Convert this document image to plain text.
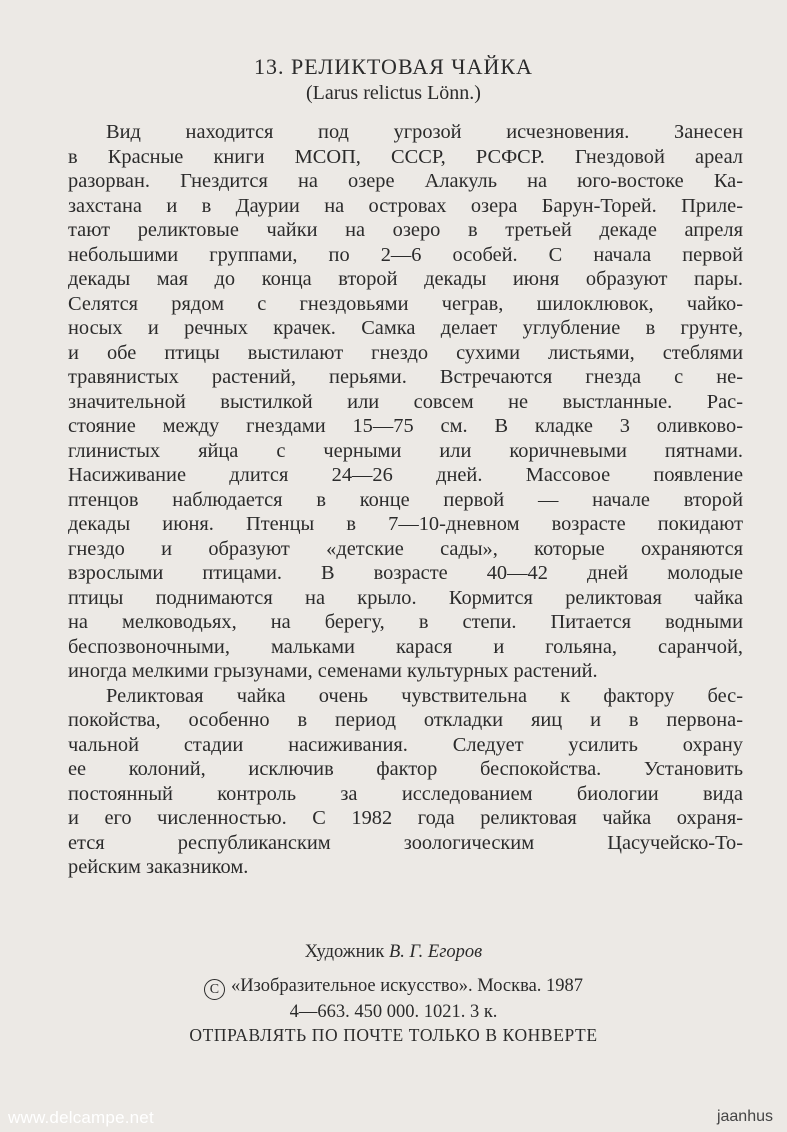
13. РЕЛИКТОВАЯ ЧАЙКА
(Larus relictus Lönn.)
Вид находится под угрозой исчезновения. Занесен
в Красные книги МСОП, СССР, РСФСР. Гнездовой ареал
разорван. Гнездится на озере Алакуль на юго-востоке Ка-
захстана и в Даурии на островах озера Барун-Торей. Приле-
тают реликтовые чайки на озеро в третьей декаде апреля
небольшими группами, по 2—6 особей. С начала первой
декады мая до конца второй декады июня образуют пары.
Селятся рядом с гнездовьями чеграв, шилоклювок, чайко-
носых и речных крачек. Самка делает углубление в грунте,
и обе птицы выстилают гнездо сухими листьями, стеблями
травянистых растений, перьями. Встречаются гнезда с не-
значительной выстилкой или совсем не выстланные. Рас-
стояние между гнездами 15—75 см. В кладке 3 оливково-
глинистых яйца с черными или коричневыми пятнами.
Насиживание длится 24—26 дней. Массовое появление
птенцов наблюдается в конце первой — начале второй
декады июня. Птенцы в 7—10-дневном возрасте покидают
гнездо и образуют «детские сады», которые охраняются
взрослыми птицами. В возрасте 40—42 дней молодые
птицы поднимаются на крыло. Кормится реликтовая чайка
на мелководьях, на берегу, в степи. Питается водными
беспозвоночными, мальками карася и гольяна, саранчой,
иногда мелкими грызунами, семенами культурных растений.
Реликтовая чайка очень чувствительна к фактору бес-
покойства, особенно в период откладки яиц и в первона-
чальной стадии насиживания. Следует усилить охрану
ее колоний, исключив фактор беспокойства. Установить
постоянный контроль за исследованием биологии вида
и его численностью. С 1982 года реликтовая чайка охраня-
ется республиканским зоологическим Цасучейско-То-
рейским заказником.
Художник В. Г. Егоров
C «Изобразительное искусство». Москва. 1987
4—663. 450 000. 1021. 3 к.
ОТПРАВЛЯТЬ ПО ПОЧТЕ ТОЛЬКО В КОНВЕРТЕ
www.delcampe.net	jaanhus
